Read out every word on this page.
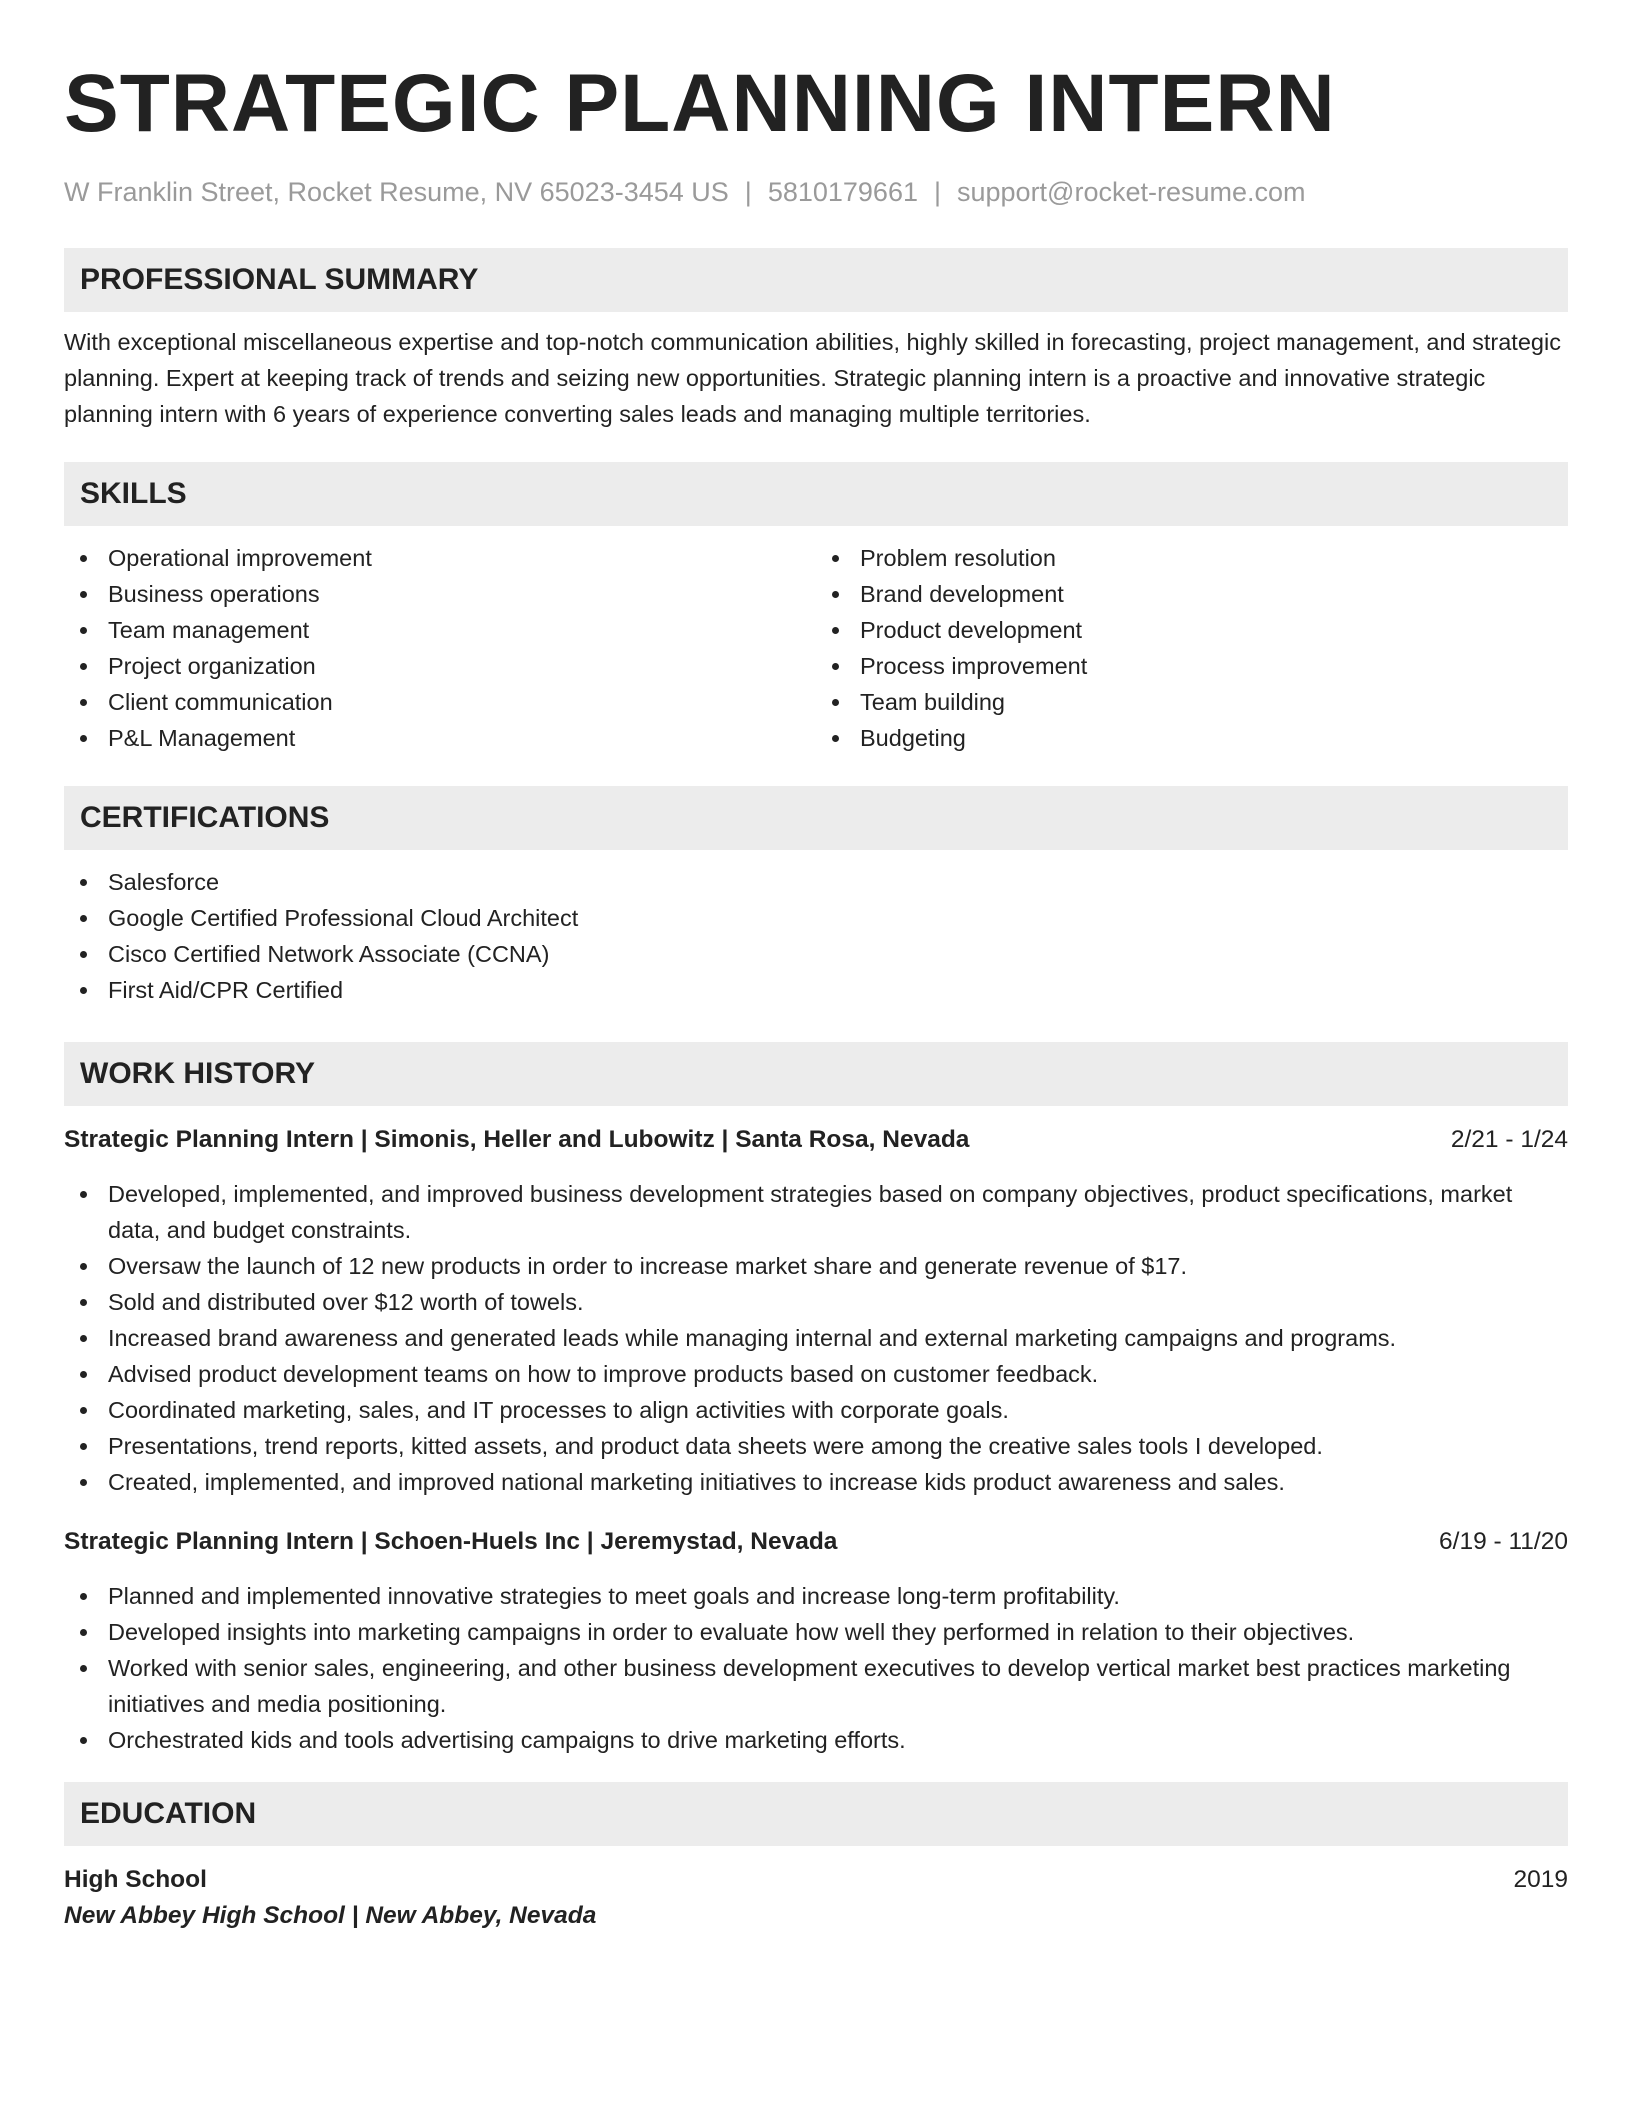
STRATEGIC PLANNING INTERN
W Franklin Street, Rocket Resume, NV 65023-3454 US | 5810179661 | support@rocket-resume.com
PROFESSIONAL SUMMARY
With exceptional miscellaneous expertise and top-notch communication abilities, highly skilled in forecasting, project management, and strategic planning. Expert at keeping track of trends and seizing new opportunities. Strategic planning intern is a proactive and innovative strategic planning intern with 6 years of experience converting sales leads and managing multiple territories.
SKILLS
Operational improvement
Business operations
Team management
Project organization
Client communication
P&L Management
Problem resolution
Brand development
Product development
Process improvement
Team building
Budgeting
CERTIFICATIONS
Salesforce
Google Certified Professional Cloud Architect
Cisco Certified Network Associate (CCNA)
First Aid/CPR Certified
WORK HISTORY
Strategic Planning Intern | Simonis, Heller and Lubowitz | Santa Rosa, Nevada	2/21 - 1/24
Developed, implemented, and improved business development strategies based on company objectives, product specifications, market data, and budget constraints.
Oversaw the launch of 12 new products in order to increase market share and generate revenue of $17.
Sold and distributed over $12 worth of towels.
Increased brand awareness and generated leads while managing internal and external marketing campaigns and programs.
Advised product development teams on how to improve products based on customer feedback.
Coordinated marketing, sales, and IT processes to align activities with corporate goals.
Presentations, trend reports, kitted assets, and product data sheets were among the creative sales tools I developed.
Created, implemented, and improved national marketing initiatives to increase kids product awareness and sales.
Strategic Planning Intern | Schoen-Huels Inc | Jeremystad, Nevada	6/19 - 11/20
Planned and implemented innovative strategies to meet goals and increase long-term profitability.
Developed insights into marketing campaigns in order to evaluate how well they performed in relation to their objectives.
Worked with senior sales, engineering, and other business development executives to develop vertical market best practices marketing initiatives and media positioning.
Orchestrated kids and tools advertising campaigns to drive marketing efforts.
EDUCATION
High School	2019
New Abbey High School | New Abbey, Nevada
